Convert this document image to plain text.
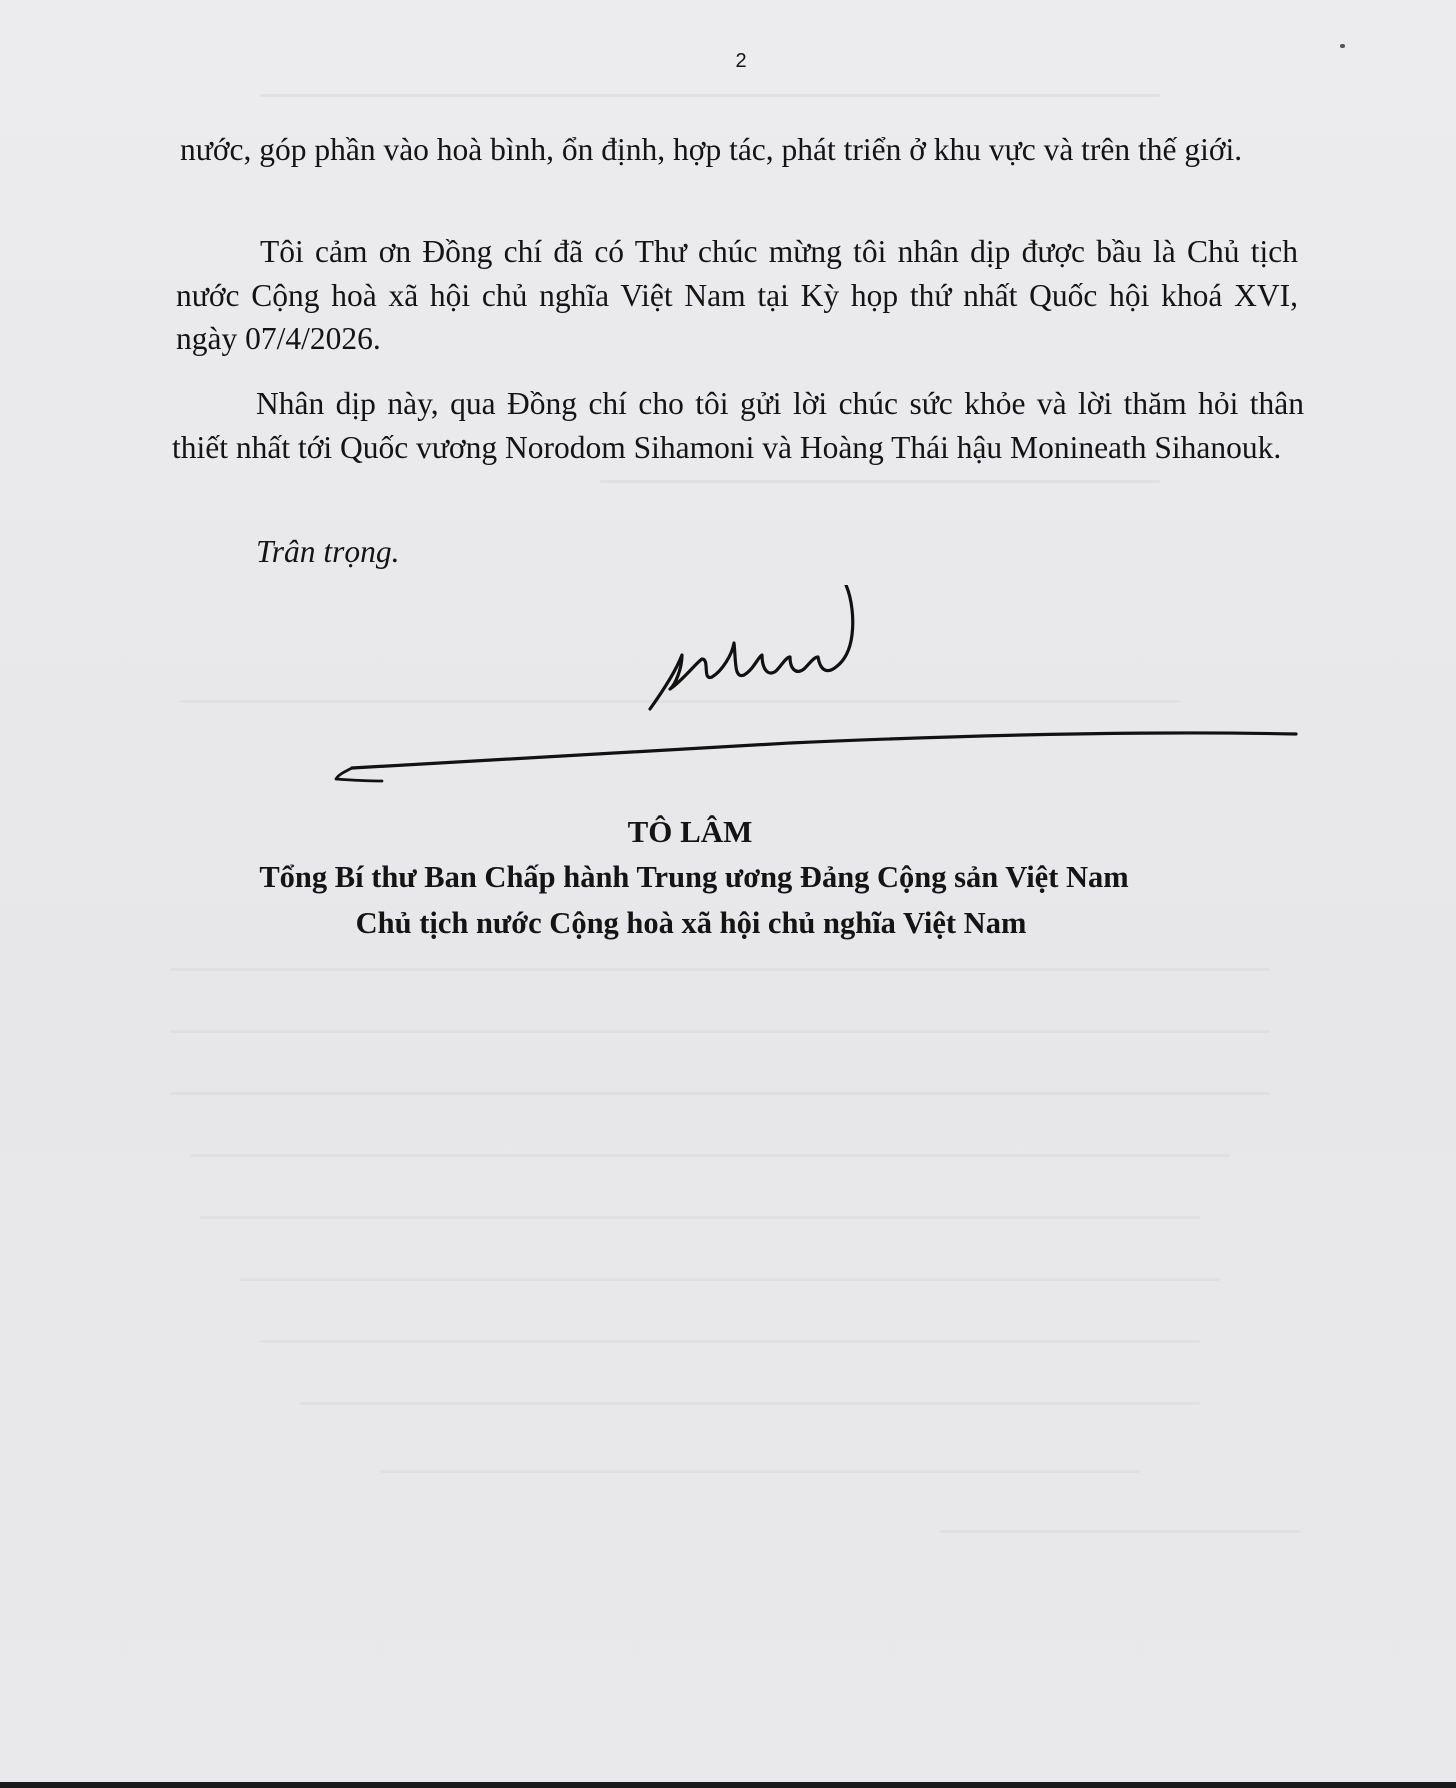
2

nước, góp phần vào hoà bình, ổn định, hợp tác, phát triển ở khu vực và trên thế giới.

Tôi cảm ơn Đồng chí đã có Thư chúc mừng tôi nhân dịp được bầu là Chủ tịch nước Cộng hoà xã hội chủ nghĩa Việt Nam tại Kỳ họp thứ nhất Quốc hội khoá XVI, ngày 07/4/2026.

Nhân dịp này, qua Đồng chí cho tôi gửi lời chúc sức khỏe và lời thăm hỏi thân thiết nhất tới Quốc vương Norodom Sihamoni và Hoàng Thái hậu Monineath Sihanouk.

Trân trọng.

TÔ LÂM

Tổng Bí thư Ban Chấp hành Trung ương Đảng Cộng sản Việt Nam

Chủ tịch nước Cộng hoà xã hội chủ nghĩa Việt Nam
